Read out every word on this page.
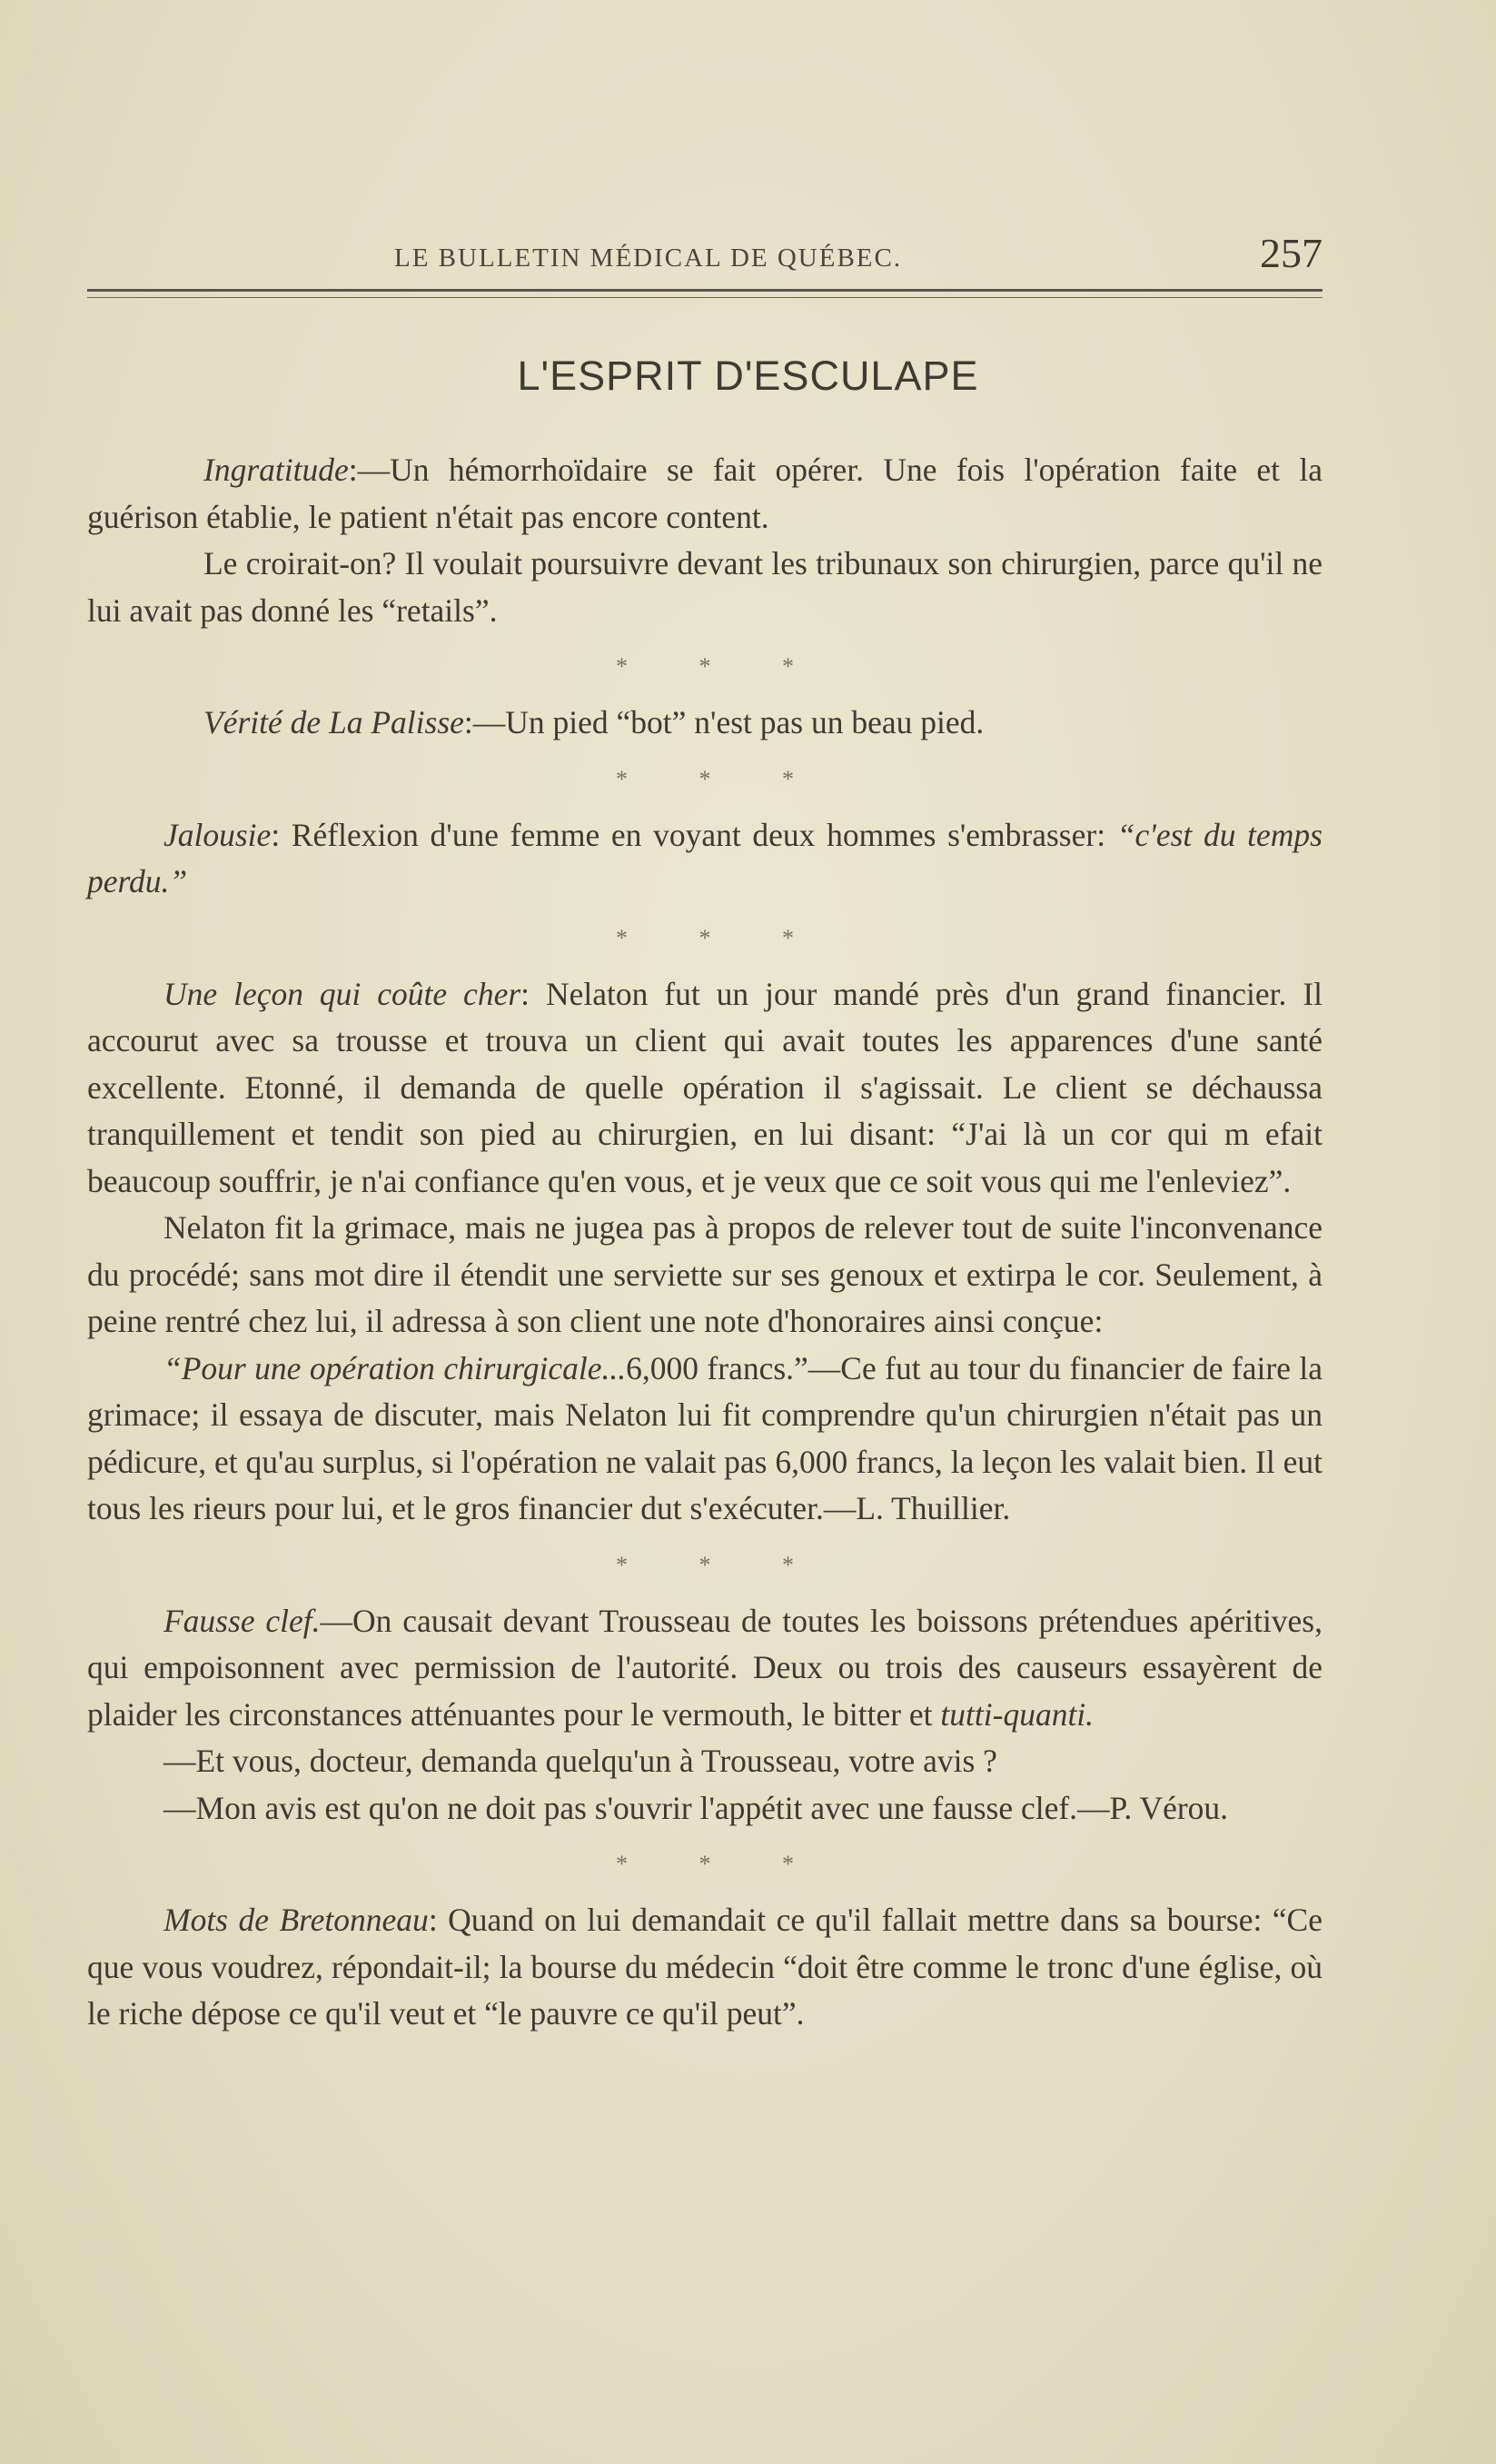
LE BULLETIN MÉDICAL DE QUÉBEC.	257
L'ESPRIT D'ESCULAPE

Ingratitude:—Un hémorrhoïdaire se fait opérer. Une fois l'opération faite et la guérison établie, le patient n'était pas encore content.

Le croirait-on? Il voulait poursuivre devant les tribunaux son chirurgien, parce qu'il ne lui avait pas donné les “retails”.

* * *

Vérité de La Palisse:—Un pied “bot” n'est pas un beau pied.

* * *

Jalousie: Réflexion d'une femme en voyant deux hommes s'embrasser: “c'est du temps perdu.”

* * *

Une leçon qui coûte cher: Nelaton fut un jour mandé près d'un grand financier. Il accourut avec sa trousse et trouva un client qui avait toutes les apparences d'une santé excellente. Etonné, il demanda de quelle opération il s'agissait. Le client se déchaussa tranquillement et tendit son pied au chirurgien, en lui disant: “J'ai là un cor qui m efait beaucoup souffrir, je n'ai confiance qu'en vous, et je veux que ce soit vous qui me l'enleviez”.

Nelaton fit la grimace, mais ne jugea pas à propos de relever tout de suite l'inconvenance du procédé; sans mot dire il étendit une serviette sur ses genoux et extirpa le cor. Seulement, à peine rentré chez lui, il adressa à son client une note d'honoraires ainsi conçue:

“Pour une opération chirurgicale...6,000 francs.”—Ce fut au tour du financier de faire la grimace; il essaya de discuter, mais Nelaton lui fit comprendre qu'un chirurgien n'était pas un pédicure, et qu'au surplus, si l'opération ne valait pas 6,000 francs, la leçon les valait bien. Il eut tous les rieurs pour lui, et le gros financier dut s'exécuter.—L. Thuillier.

* * *

Fausse clef.—On causait devant Trousseau de toutes les boissons prétendues apéritives, qui empoisonnent avec permission de l'autorité. Deux ou trois des causeurs essayèrent de plaider les circonstances atténuantes pour le vermouth, le bitter et tutti-quanti.

—Et vous, docteur, demanda quelqu'un à Trousseau, votre avis ?

—Mon avis est qu'on ne doit pas s'ouvrir l'appétit avec une fausse clef.—P. Vérou.

* * *

Mots de Bretonneau: Quand on lui demandait ce qu'il fallait mettre dans sa bourse: “Ce que vous voudrez, répondait-il; la bourse du médecin “doit être comme le tronc d'une église, où le riche dépose ce qu'il veut et “le pauvre ce qu'il peut”.
